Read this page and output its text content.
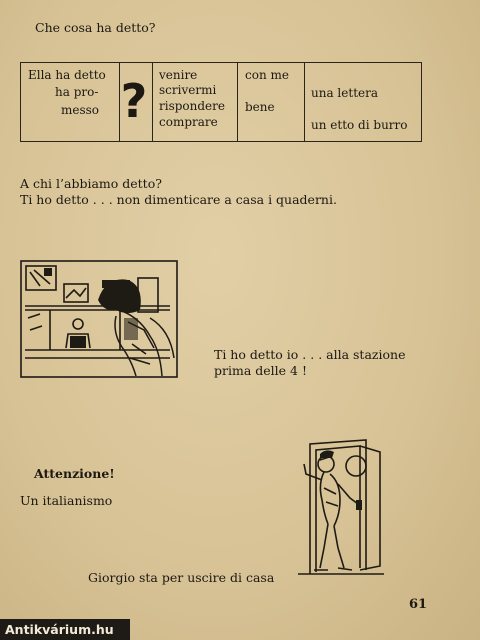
Che cosa ha detto?
Ella ha detto
ha pro-
messo ? venire
scrivermi
rispondere
comprare
con me
bene
una lettera
un etto di burro
A chi l’abbiamo detto?
Ti ho detto . . . non dimenticare a casa i quaderni.
Ti ho detto io . . . alla stazione
prima delle 4 !
Attenzione!
Un italianismo
Giorgio sta per uscire di casa
61
Antikvárium.hu
